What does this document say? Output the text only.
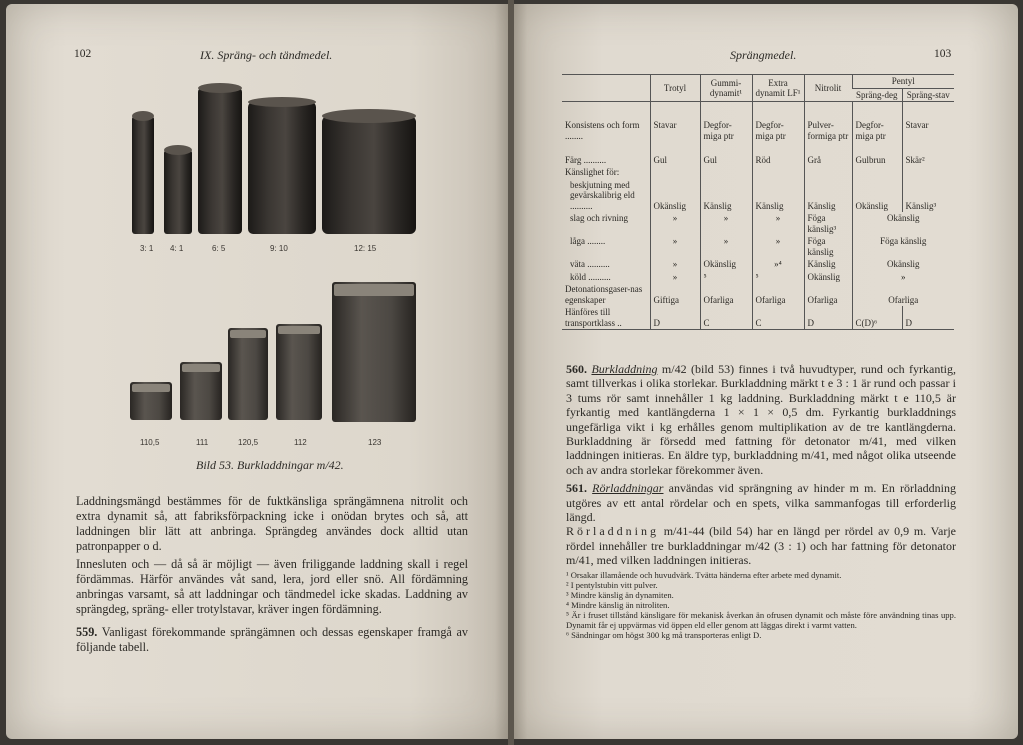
102	IX. Spräng- och tändmedel.
3: 1 4: 1	6: 5	9: 10	12: 15
110,5	111	120,5	112	123
Bild 53. Burkladdningar m/42.

Laddningsmängd bestämmes för de fuktkänsliga sprängämnena nitrolit och extra dynamit så, att fabriksförpackning icke i onödan brytes och så, att laddningen blir lätt att anbringa. Sprängdeg användes dock alltid utan patronpapper o d.

Innesluten och — då så är möjligt — även friliggande laddning skall i regel fördämmas. Härför användes våt sand, lera, jord eller snö. All fördämning anbringas varsamt, så att laddningar och tändmedel icke skadas. Laddning av sprängdeg, spräng- eller trotylstavar, kräver ingen fördämning.

559. Vanligast förekommande sprängämnen och dessas egenskaper framgå av följande tabell.

Sprängmedel.	103
	Trotyl	Gummi-dynamit¹	Extra dynamit LF¹	Nitrolit	Pentyl	
					Spräng-deg	Spräng-stav
Konsistens och form ........	Stavar	Degfor-miga ptr	Degfor-miga ptr	Pulver-formiga ptr	Degfor-miga ptr	Stavar
Färg ..........	Gul	Gul	Röd	Grå	Gulbrun	Skär²
Känslighet för:						
beskjutning med gevärskalibrig eld ..........	Okänslig	Känslig	Känslig	Känslig	Okänslig	Känslig³
slag och rivning	»	»	»	Föga känslig³	Okänslig	
låga ........	»	»	»	Föga känslig	Föga känslig	
väta ..........	»	Okänslig	»⁴	Känslig	Okänslig	
köld ..........	»	⁵	⁵	Okänslig	»	
Detonationsgaser-nas egenskaper	Giftiga	Ofarliga	Ofarliga	Ofarliga	Ofarliga	
Hänföres till transportklass ..	D	C	C	D	C(D)⁶	D

560. Burkladdning m/42 (bild 53) finnes i två huvudtyper, rund och fyrkantig, samt tillverkas i olika storlekar. Burkladdning märkt t e 3 : 1 är rund och passar i 3 tums rör samt innehåller 1 kg laddning. Burkladdning märkt t e 110,5 är fyrkantig med kantlängderna 1 × 1 × 0,5 dm. Fyrkantig burkladdnings ungefärliga vikt i kg erhålles genom multiplikation av de tre kantlängderna. Burkladdning är försedd med fattning för detonator m/41, med vilken laddningen initieras. En äldre typ, burkladdning m/41, med något olika utseende och av andra storlekar förekommer även.

561. Rörladdningar användas vid sprängning av hinder m m. En rörladdning utgöres av ett antal rördelar och en spets, vilka sammanfogas till erforderlig längd.
Rörladdning m/41-44 (bild 54) har en längd per rördel av 0,9 m. Varje rördel innehåller tre burkladdningar m/42 (3 : 1) och har fattning för detonator m/41, med vilken laddningen initieras.

¹ Orsakar illamående och huvudvärk. Tvätta händerna efter arbete med dynamit.
² I pentylstubin vitt pulver.
³ Mindre känslig än dynamiten.
⁴ Mindre känslig än nitroliten.
⁵ Är i fruset tillstånd känsligare för mekanisk åverkan än ofrusen dynamit och måste före användning tinas upp. Dynamit får ej uppvärmas vid öppen eld eller genom att läggas direkt i varmt vatten.
⁶ Sändningar om högst 300 kg må transporteras enligt D.
